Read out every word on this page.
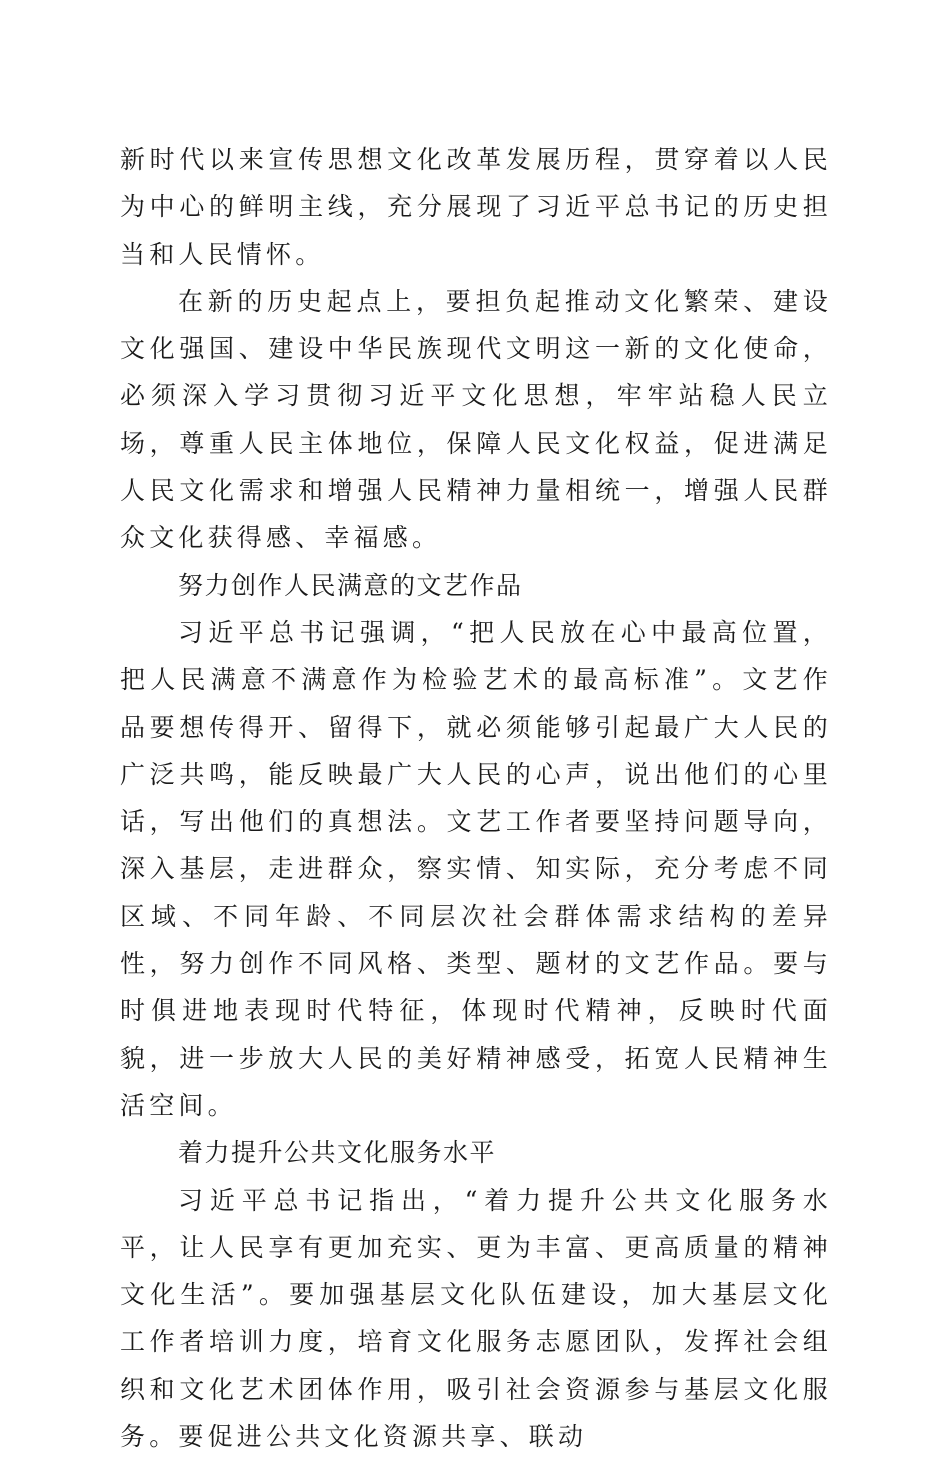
新时代以来宣传思想文化改革发展历程，贯穿着以人民为中心的鲜明主线，充分展现了习近平总书记的历史担当和人民情怀。

在新的历史起点上，要担负起推动文化繁荣、建设文化强国、建设中华民族现代文明这一新的文化使命，必须深入学习贯彻习近平文化思想，牢牢站稳人民立场，尊重人民主体地位，保障人民文化权益，促进满足人民文化需求和增强人民精神力量相统一，增强人民群众文化获得感、幸福感。

努力创作人民满意的文艺作品

习近平总书记强调，“把人民放在心中最高位置，把人民满意不满意作为检验艺术的最高标准”。文艺作品要想传得开、留得下，就必须能够引起最广大人民的广泛共鸣，能反映最广大人民的心声，说出他们的心里话，写出他们的真想法。文艺工作者要坚持问题导向，深入基层，走进群众，察实情、知实际，充分考虑不同区域、不同年龄、不同层次社会群体需求结构的差异性，努力创作不同风格、类型、题材的文艺作品。要与时俱进地表现时代特征，体现时代精神，反映时代面貌，进一步放大人民的美好精神感受，拓宽人民精神生活空间。

着力提升公共文化服务水平

习近平总书记指出，“着力提升公共文化服务水平，让人民享有更加充实、更为丰富、更高质量的精神文化生活”。要加强基层文化队伍建设，加大基层文化工作者培训力度，培育文化服务志愿团队，发挥社会组织和文化艺术团体作用，吸引社会资源参与基层文化服务。要促进公共文化资源共享、联动
